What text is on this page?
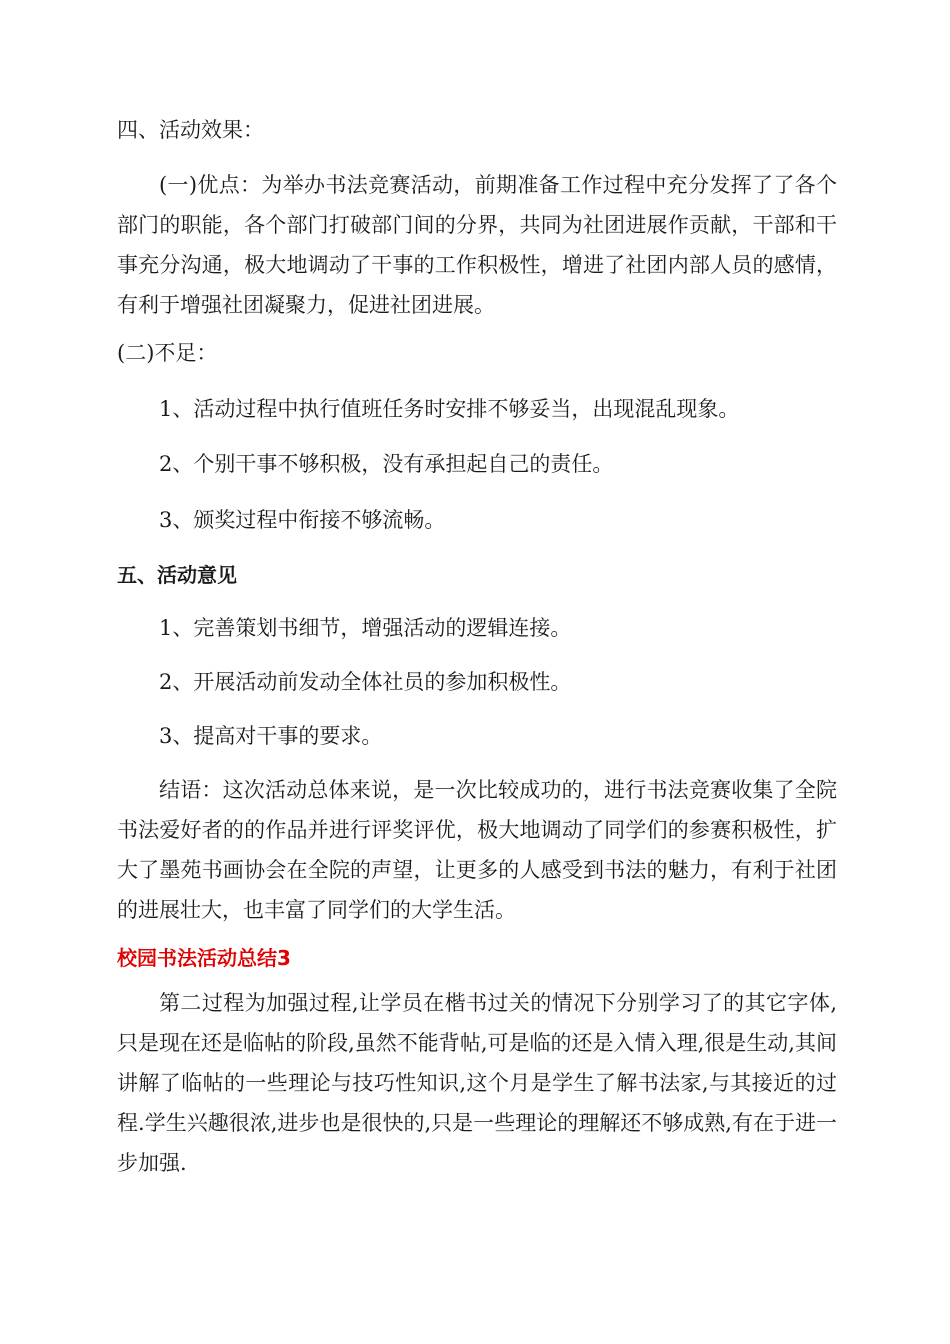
四、活动效果：

(一)优点：为举办书法竞赛活动，前期准备工作过程中充分发挥了了各个部门的职能，各个部门打破部门间的分界，共同为社团进展作贡献，干部和干事充分沟通，极大地调动了干事的工作积极性，增进了社团内部人员的感情，有利于增强社团凝聚力，促进社团进展。

(二)不足：

1、活动过程中执行值班任务时安排不够妥当，出现混乱现象。

2、个别干事不够积极，没有承担起自己的责任。

3、颁奖过程中衔接不够流畅。

五、活动意见

1、完善策划书细节，增强活动的逻辑连接。

2、开展活动前发动全体社员的参加积极性。

3、提高对干事的要求。

结语：这次活动总体来说，是一次比较成功的，进行书法竞赛收集了全院书法爱好者的的作品并进行评奖评优，极大地调动了同学们的参赛积极性，扩大了墨苑书画协会在全院的声望，让更多的人感受到书法的魅力，有利于社团的进展壮大，也丰富了同学们的大学生活。

校园书法活动总结3

第二过程为加强过程,让学员在楷书过关的情况下分别学习了的其它字体,只是现在还是临帖的阶段,虽然不能背帖,可是临的还是入情入理,很是生动,其间讲解了临帖的一些理论与技巧性知识,这个月是学生了解书法家,与其接近的过程.学生兴趣很浓,进步也是很快的,只是一些理论的理解还不够成熟,有在于进一步加强.
